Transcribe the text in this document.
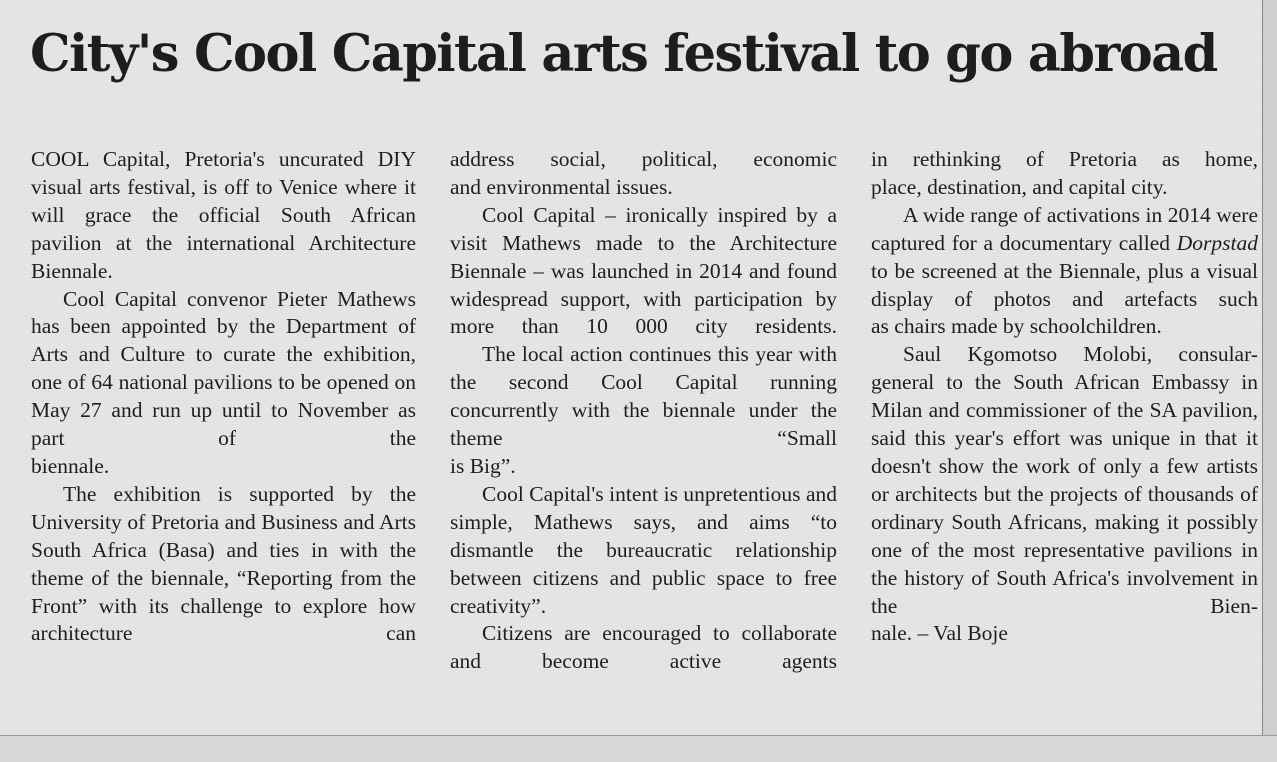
City's Cool Capital arts festival to go abroad

COOL Capital, Pretoria's uncurated DIY visual arts festival, is off to Venice where it will grace the official South African pavilion at the international Architecture

Biennale.

Cool Capital convenor Pieter Mathews has been appointed by the Department of Arts and Culture to curate the exhibition, one of 64 national pavilions to be opened on May 27 and run up until to November as part of the

biennale.

The exhibition is supported by the University of Pretoria and Business and Arts South Africa (Basa) and ties in with the theme of the biennale, “Reporting from the Front” with its challenge to explore how architecture can

address social, political, economic

and environmental issues.

Cool Capital – ironically inspired by a visit Mathews made to the Architecture Biennale – was launched in 2014 and found widespread support, with participation by more than 10 000 city residents.

The local action continues this year with the second Cool Capital running concurrently with the biennale under the theme “Small

is Big”.

Cool Capital's intent is unpretentious and simple, Mathews says, and aims “to dismantle the bureaucratic relationship between citizens and public space to free

creativity”.

Citizens are encouraged to collaborate and become active agents

in rethinking of Pretoria as home,

place, destination, and capital city.

A wide range of activations in 2014 were captured for a documentary called Dorpstad to be screened at the Biennale, plus a visual display of photos and artefacts such

as chairs made by schoolchildren.

Saul Kgomotso Molobi, consular-general to the South African Embassy in Milan and commissioner of the SA pavilion, said this year's effort was unique in that it doesn't show the work of only a few artists or architects but the projects of thousands of ordinary South Africans, making it possibly one of the most representative pavilions in the history of South Africa's involvement in the Bien-

nale. – Val Boje
